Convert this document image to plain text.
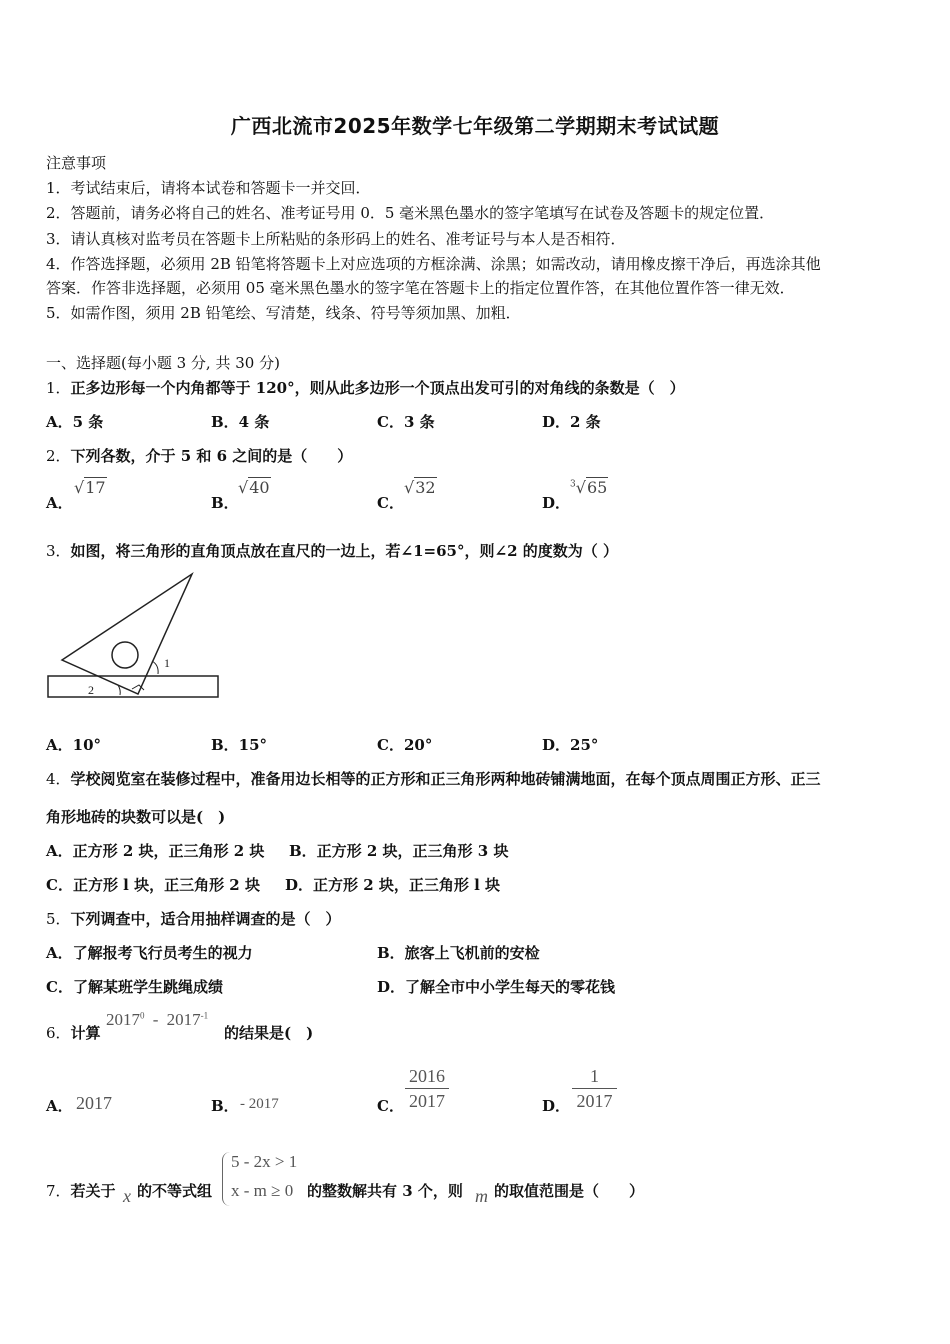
广西北流市2025年数学七年级第二学期期末考试试题
注意事项
1．考试结束后，请将本试卷和答题卡一并交回．
2．答题前，请务必将自己的姓名、准考证号用 0．5 毫米黑色墨水的签字笔填写在试卷及答题卡的规定位置．
3．请认真核对监考员在答题卡上所粘贴的条形码上的姓名、准考证号与本人是否相符．
4．作答选择题，必须用 2B 铅笔将答题卡上对应选项的方框涂满、涂黑；如需改动，请用橡皮擦干净后，再选涂其他
答案．作答非选择题，必须用 05 毫米黑色墨水的签字笔在答题卡上的指定位置作答，在其他位置作答一律无效．
5．如需作图，须用 2B 铅笔绘、写清楚，线条、符号等须加黑、加粗．
一、选择题(每小题 3 分, 共 30 分)
1．正多边形每一个内角都等于 120°，则从此多边形一个顶点出发可引的对角线的条数是（　）
A．5 条	B．4 条	C．3 条	D．2 条
2．下列各数，介于 5 和 6 之间的是（　　）
A．
√17
B．
√40
C．
√32
D．
$^3$√65
3．如图，将三角形的直角顶点放在直尺的一边上，若∠1=65°，则∠2 的度数为（ ）
1
2
A．10°	B．15°	C．20°	D．25°
4．学校阅览室在装修过程中，准备用边长相等的正方形和正三角形两种地砖铺满地面，在每个顶点周围正方形、正三
角形地砖的块数可以是(　)
A．正方形 2 块，正三角形 2 块 B．正方形 2 块，正三角形 3 块
C．正方形 l 块，正三角形 2 块 D．正方形 2 块，正三角形 l 块
5．下列调查中，适合用抽样调查的是（　）
A．了解报考飞行员考生的视力	B．旅客上飞机前的安检
C．了解某班学生跳绳成绩	D．了解全市中小学生每天的零花钱
6．计算
$2017^0 - 2017^{-1}$
的结果是(　)
A． 2017	B． - 2017	C． $\frac{2016}{2017}$	D． $\frac{1}{2017}$
7．若关于 x 的不等式组
5 - 2x > 1
x - m ≥ 0 的整数解共有 3 个，则 m 的取值范围是（　　）
